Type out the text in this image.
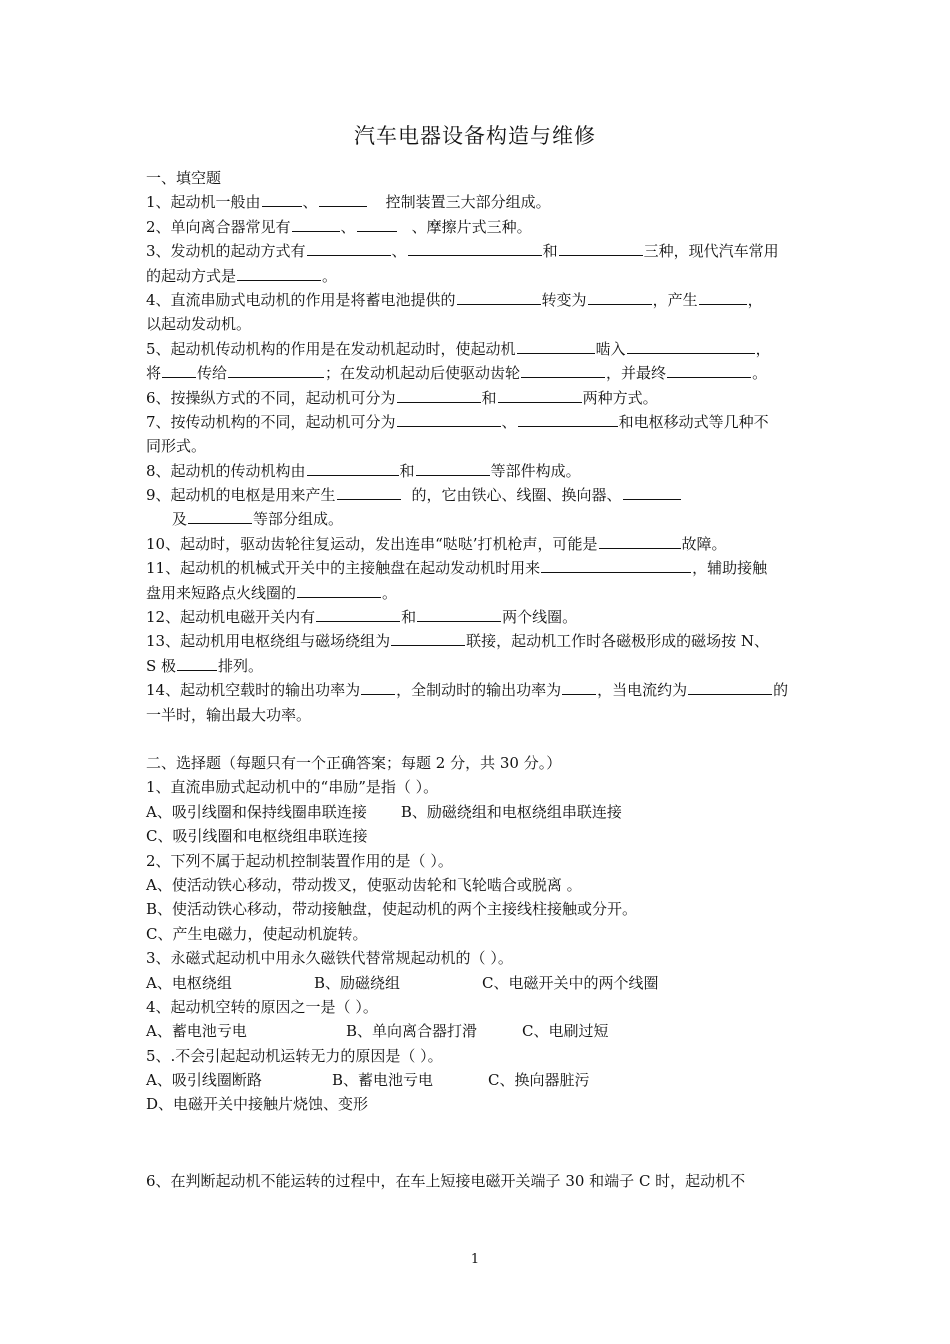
汽车电器设备构造与维修
一、填空题
1、起动机一般由	、	控制装置三大部分组成。
2、单向离合器常见有	、	、摩擦片式三种。
3、发动机的起动方式有	、	和	三种，现代汽车常用
的起动方式是	。
4、直流串励式电动机的作用是将蓄电池提供的	转变为	，产生	，
以起动发动机。
5、起动机传动机构的作用是在发动机起动时，使起动机	啮入	，
将 传给	；在发动机起动后使驱动齿轮	，并最终	。
6、按操纵方式的不同，起动机可分为	和	两种方式。
7、按传动机构的不同，起动机可分为	、	和电枢移动式等几种不
同形式。
8、起动机的传动机构由	和	等部件构成。
9、起动机的电枢是用来产生	的，它由铁心、线圈、换向器、
及	等部分组成。
10、起动时，驱动齿轮往复运动，发出连串“哒哒’打机枪声，可能是	故障。
11、起动机的机械式开关中的主接触盘在起动发动机时用来	，辅助接触
盘用来短路点火线圈的	。
12、起动机电磁开关内有	和	两个线圈。
13、起动机用电枢绕组与磁场绕组为	联接，起动机工作时各磁极形成的磁场按 N、
S 极	排列。
14、起动机空载时的输出功率为 ，全制动时的输出功率为 ，当电流约为	的
一半时，输出最大功率。
二、选择题（每题只有一个正确答案；每题 2 分，共 30 分。）
1、直流串励式起动机中的“串励”是指（ ）。
A、吸引线圈和保持线圈串联连接 B、励磁绕组和电枢绕组串联连接
C、吸引线圈和电枢绕组串联连接
2、下列不属于起动机控制装置作用的是（ ）。
A、使活动铁心移动，带动拨叉，使驱动齿轮和飞轮啮合或脱离 。
B、使活动铁心移动，带动接触盘，使起动机的两个主接线柱接触或分开。
C、产生电磁力，使起动机旋转。
3、永磁式起动机中用永久磁铁代替常规起动机的（ ）。
A、电枢绕组	B、励磁绕组	C、电磁开关中的两个线圈
4、起动机空转的原因之一是（ ）。
A、蓄电池亏电	B、单向离合器打滑	C、电刷过短
5、.不会引起起动机运转无力的原因是（ ）。
A、吸引线圈断路	B、蓄电池亏电	C、换向器脏污
D、电磁开关中接触片烧蚀、变形
6、在判断起动机不能运转的过程中，在车上短接电磁开关端子 30 和端子 C 时，起动机不
1
